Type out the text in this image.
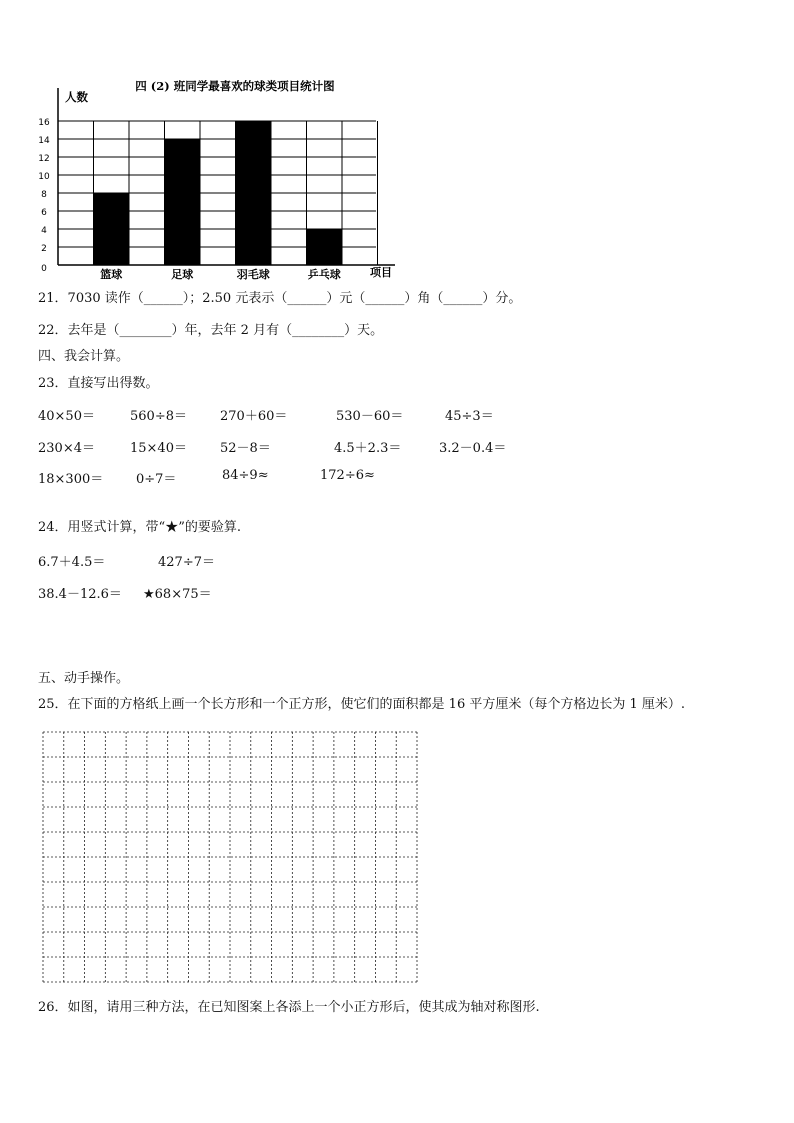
四 (2) 班同学最喜欢的球类项目统计图
人数
项目
0
2
4
6
8
10
12
14
16
篮球	足球	羽毛球	乒乓球
21．7030 读作（______）；2.50 元表示（______）元（______）角（______）分。
22．去年是（________）年，去年 2 月有（________）天。
四、我会计算。
23．直接写出得数。
40×50＝	560÷8＝	270＋60＝	530－60＝	45÷3＝
230×4＝	15×40＝	52－8＝	4.5＋2.3＝	3.2－0.4＝
18×300＝	0÷7＝	84÷9≈	172÷6≈
24．用竖式计算，带“★”的要验算.
6.7＋4.5＝	427÷7＝
38.4－12.6＝ ★68×75＝
五、动手操作。
25．在下面的方格纸上画一个长方形和一个正方形，使它们的面积都是 16 平方厘米（每个方格边长为 1 厘米）.
26．如图，请用三种方法，在已知图案上各添上一个小正方形后，使其成为轴对称图形.
